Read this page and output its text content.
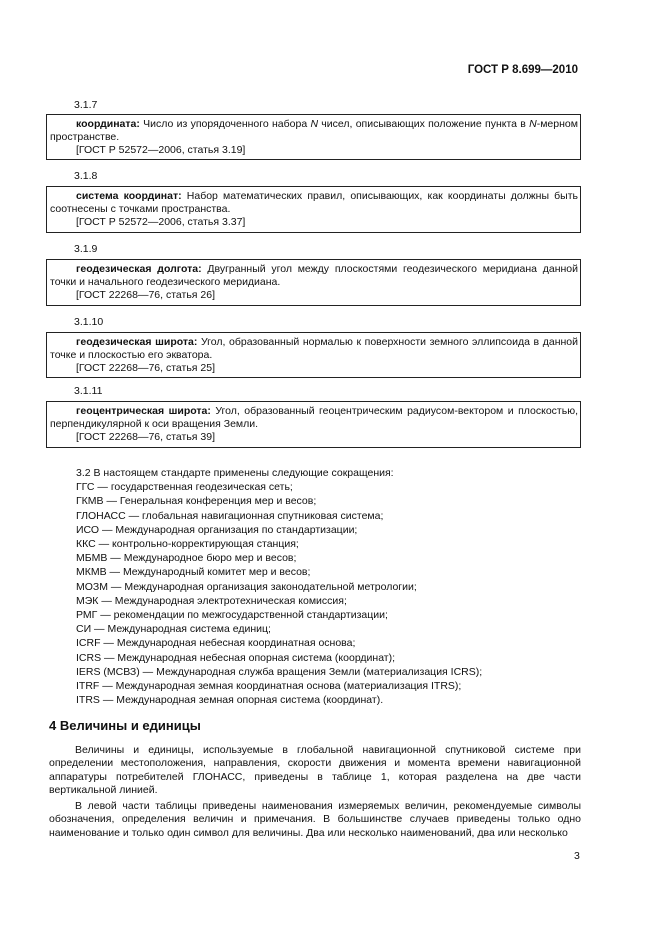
ГОСТ Р 8.699—2010
3.1.7

координата: Число из упорядоченного набора N чисел, описывающих положение пункта в N-мерном пространстве.

[ГОСТ Р 52572—2006, статья 3.19]

3.1.8

система координат: Набор математических правил, описывающих, как координаты должны быть соотнесены с точками пространства.

[ГОСТ Р 52572—2006, статья 3.37]

3.1.9

геодезическая долгота: Двугранный угол между плоскостями геодезического меридиана данной точки и начального геодезического меридиана.

[ГОСТ 22268—76, статья 26]

3.1.10

геодезическая широта: Угол, образованный нормалью к поверхности земного эллипсоида в данной точке и плоскостью его экватора.

[ГОСТ 22268—76, статья 25]

3.1.11

геоцентрическая широта: Угол, образованный геоцентрическим радиусом-вектором и плоскостью, перпендикулярной к оси вращения Земли.

[ГОСТ 22268—76, статья 39]

3.2 В настоящем стандарте применены следующие сокращения:
ГГС — государственная геодезическая сеть;
ГКМВ — Генеральная конференция мер и весов;
ГЛОНАСС — глобальная навигационная спутниковая система;
ИСО — Международная организация по стандартизации;
ККС — контрольно-корректирующая станция;
МБМВ — Международное бюро мер и весов;
МКМВ — Международный комитет мер и весов;
МОЗМ — Международная организация законодательной метрологии;
МЭК — Международная электротехническая комиссия;
РМГ — рекомендации по межгосударственной стандартизации;
СИ — Международная система единиц;
ICRF — Международная небесная координатная основа;
ICRS — Международная небесная опорная система (координат);
IERS (МСВЗ) — Международная служба вращения Земли (материализация ICRS);
ITRF — Международная земная координатная основа (материализация ITRS);
ITRS — Международная земная опорная система (координат).
4 Величины и единицы

Величины и единицы, используемые в глобальной навигационной спутниковой системе при определении местоположения, направления, скорости движения и момента времени навигационной аппаратуры потребителей ГЛОНАСС, приведены в таблице 1, которая разделена на две части вертикальной линией.

В левой части таблицы приведены наименования измеряемых величин, рекомендуемые символы обозначения, определения величин и примечания. В большинстве случаев приведены только одно наименование и только один символ для величины. Два или несколько наименований, два или несколько

3
